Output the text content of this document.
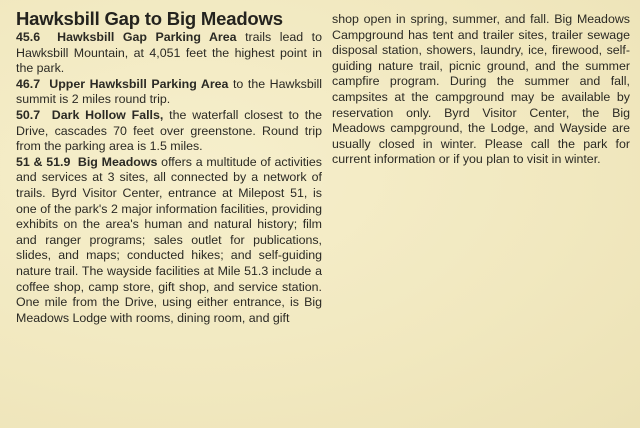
Hawksbill Gap to Big Meadows

45.6 Hawksbill Gap Parking Area trails lead to Hawksbill Mountain, at 4,051 feet the highest point in the park.

46.7 Upper Hawksbill Parking Area to the Hawksbill summit is 2 miles round trip.

50.7 Dark Hollow Falls, the waterfall closest to the Drive, cascades 70 feet over greenstone. Round trip from the parking area is 1.5 miles.

51 & 51.9 Big Meadows offers a multitude of activities and services at 3 sites, all connected by a network of trails. Byrd Visitor Center, entrance at Milepost 51, is one of the park's 2 major information facilities, providing exhibits on the area's human and natural history; film and ranger programs; sales outlet for publications, slides, and maps; conducted hikes; and self-guiding nature trail. The wayside facilities at Mile 51.3 include a coffee shop, camp store, gift shop, and service station. One mile from the Drive, using either entrance, is Big Meadows Lodge with rooms, dining room, and gift

shop open in spring, summer, and fall. Big Meadows Campground has tent and trailer sites, trailer sewage disposal station, showers, laundry, ice, firewood, self-guiding nature trail, picnic ground, and the summer campfire program. During the summer and fall, campsites at the campground may be available by reservation only. Byrd Visitor Center, the Big Meadows campground, the Lodge, and Wayside are usually closed in winter. Please call the park for current information or if you plan to visit in winter.
